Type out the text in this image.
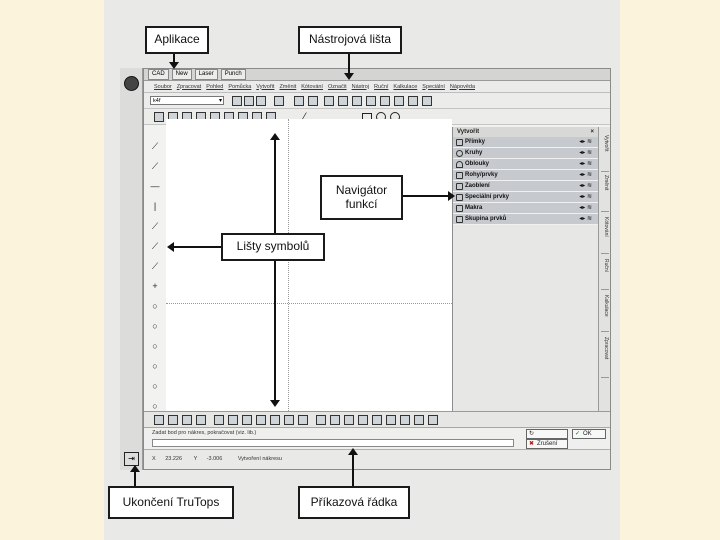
⇥
CAD	New	Laser	Punch
Soubor Zpracovat Pohled Pomůcka Vytvořit Změnit Kótování Označit Nástroj Ruční Kalkulace Speciální Nápověda
k4ř	▾
⁄
⟋
⟋
—
|
⟋
⟋
⟋
+
○
○
○
○
○
○
Vytvořit	×
Přímky	◂▸ ≋
Kruhy	◂▸ ≋
Oblouky	◂▸ ≋
Rohy/prvky	◂▸ ≋
Zaoblení	◂▸ ≋
Speciální prvky	◂▸ ≋
Makra	◂▸ ≋
Skupina prvků	◂▸ ≋
Vytvořit
Změnit
Kótování
Ruční
Kalkulace
Zpracovat
Zadat bod pro nákres, pokračovat (viz. lib.)	↻	✓ OK
✖ Zrušení
X 23.226 Y -3.006	Vytvoření nákresu
Aplikace	Nástrojová lišta
Navigátor funkcí
Lišty symbolů
Ukončení TruTops	Příkazová řádka
